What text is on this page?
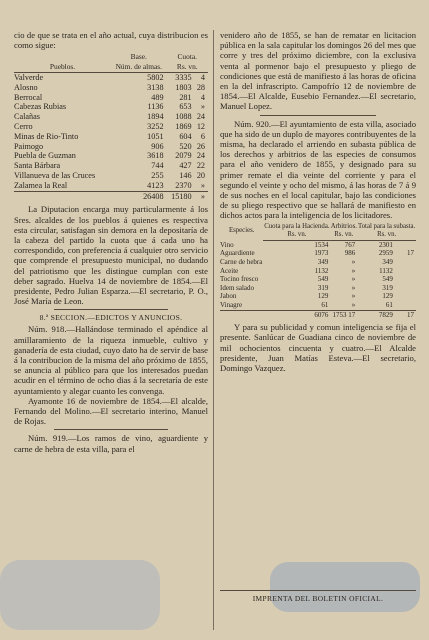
cio de que se trata en el año actual, cuya distribucion es como sigue:

	Base.	Cuota.	
Pueblos.	Núm. de almas.	Rs. vn.	
Valverde	5802	3335	4
Alosno	3138	1803	28
Berrocal	489	281	4
Cabezas Rubias	1136	653	»
Calañas	1894	1088	24
Cerro	3252	1869	12
Minas de Rio-Tinto	1051	604	6
Paimogo	906	520	26
Puebla de Guzman	3618	2079	24
Santa Bárbara	744	427	22
Villanueva de las Cruces	255	146	20
Zalamea la Real	4123	2370	»
	26408	15180	»

La Diputacion encarga muy particularmente á los Sres. alcaldes de los pueblos á quienes es respectiva esta circular, satisfagan sin demora en la depositaría de la cabeza del partido la cuota que á cada uno ha correspondido, con preferencia á cualquier otro servicio que comprende el presupuesto municipal, no dudando del patriotismo que les distingue cumplan con este deber sagrado. Huelva 14 de noviembre de 1854.—El presidente, Pedro Julian Esparza.—El secretario, P. O., José María de Leon.

8.ª SECCION.—EDICTOS Y ANUNCIOS.

Núm. 918.—Hallándose terminado el apéndice al amillaramiento de la riqueza inmueble, cultivo y ganadería de esta ciudad, cuyo dato ha de servir de base á la contribucion de la misma del año próximo de 1855, se anuncia al público para que los interesados puedan acudir en el término de ocho dias á la secretaría de este ayuntamiento y alegar cuanto les convenga.

Ayamonte 16 de noviembre de 1854.—El alcalde, Fernando del Molino.—El secretario interino, Manuel de Rojas.

Núm. 919.—Los ramos de vino, aguardiente y carne de hebra de esta villa, para el

venidero año de 1855, se han de rematar en licitacion pública en la sala capitular los domingos 26 del mes que corre y tres del próximo diciembre, con la exclusiva venta al pormenor bajo el presupuesto y pliego de condiciones que está de manifiesto á las horas de oficina en la del infrascripto. Campofrío 12 de noviembre de 1854.—El Alcalde, Eusebio Fernandez.—El secretario, Manuel Lopez.

Núm. 920.—El ayuntamiento de esta villa, asociado que ha sido de un duplo de mayores contribuyentes de la misma, ha declarado el arriendo en subasta pública de los derechos y arbitrios de las especies de consumos para el año venidero de 1855, y designado para su primer remate el dia veinte del corriente y para el segundo el veinte y ocho del mismo, á las horas de 7 á 9 de sus noches en el local capitular, bajo las condiciones de su pliego respectivo que se hallará de manifiesto en dichos actos para la inteligencia de los licitadores.

Especies.	Cuota para la Hacienda.	Arbitrios.	Total para la subasta.	
	Rs. vn.	Rs. vn.	Rs. vn.	
Vino	1534	767	2301	
Aguardiente	1973	986	2959	17
Carne de hebra	349	»	349	
Aceite	1132	»	1132	
Tocino fresco	549	»	549	
Idem salado	319	»	319	
Jabon	129	»	129	
Vinagre	61	»	61	
	6076	1753 17	7829	17

Y para su publicidad y comun inteligencia se fija el presente. Sanlúcar de Guadiana cinco de noviembre de mil ochocientos cincuenta y cuatro.—El Alcalde presidente, Juan Matías Esteva.—El secretario, Domingo Vazquez.

IMPRENTA DEL BOLETIN OFICIAL.
